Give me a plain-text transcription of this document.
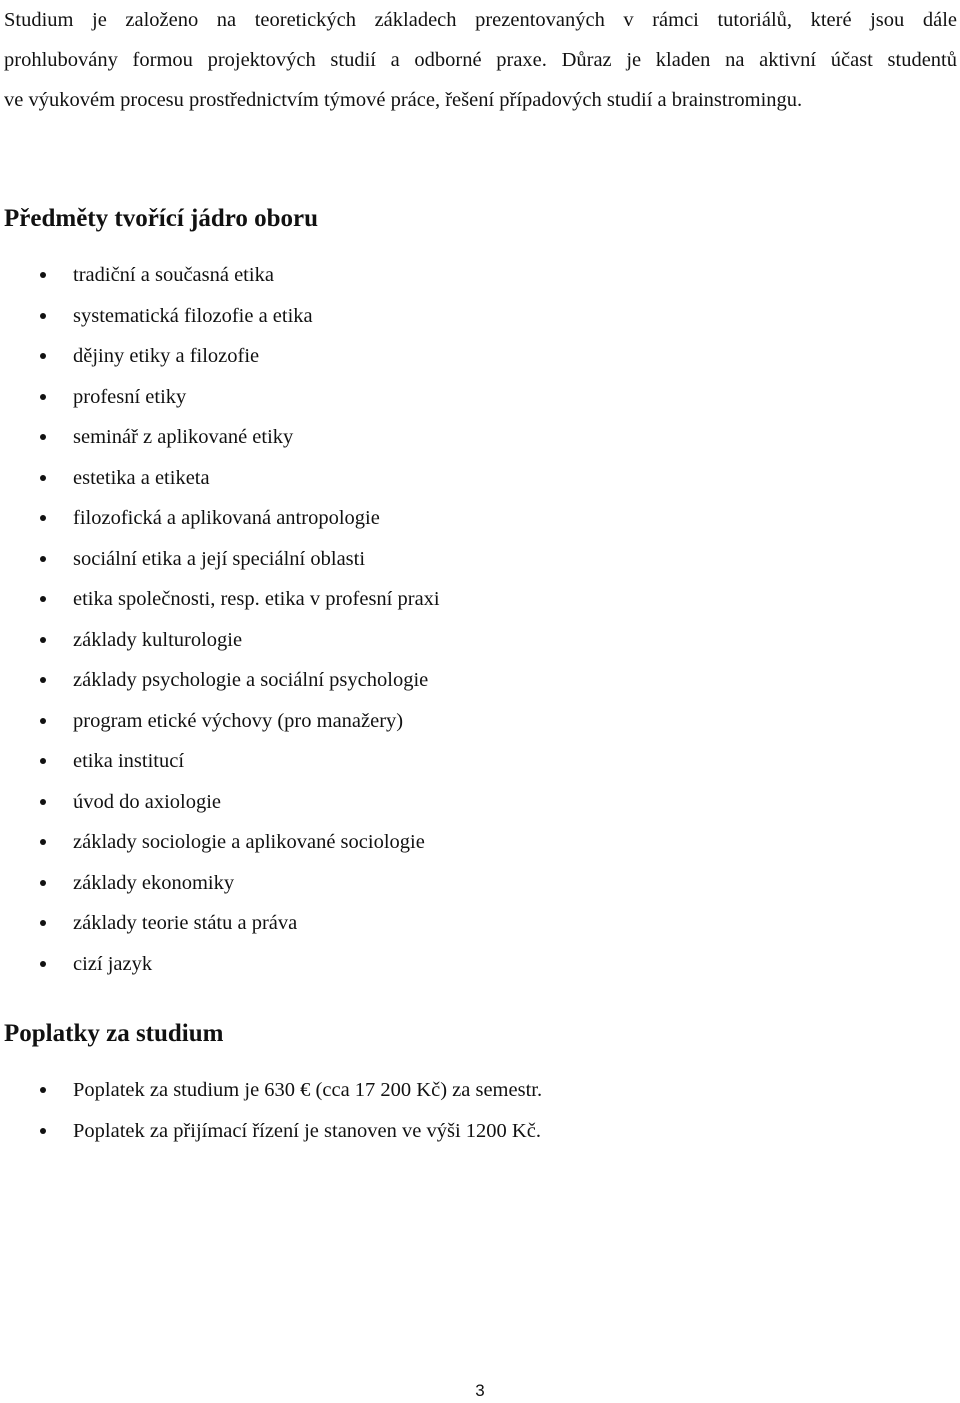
Studium je založeno na teoretických základech prezentovaných v rámci tutoriálů, které jsou dále
prohlubovány formou projektových studií a odborné praxe. Důraz je kladen na aktivní účast studentů
ve výukovém procesu prostřednictvím týmové práce, řešení případových studií a brainstromingu.
Předměty tvořící jádro oboru
tradiční a současná etika
systematická filozofie a etika
dějiny etiky a filozofie
profesní etiky
seminář z aplikované etiky
estetika a etiketa
filozofická a aplikovaná antropologie
sociální etika a její speciální oblasti
etika společnosti, resp. etika v profesní praxi
základy kulturologie
základy psychologie a sociální psychologie
program etické výchovy (pro manažery)
etika institucí
úvod do axiologie
základy sociologie a aplikované sociologie
základy ekonomiky
základy teorie státu a práva
cizí jazyk
Poplatky za studium
Poplatek za studium je 630 € (cca 17 200 Kč) za semestr.
Poplatek za přijímací řízení je stanoven ve výši 1200 Kč.
3
